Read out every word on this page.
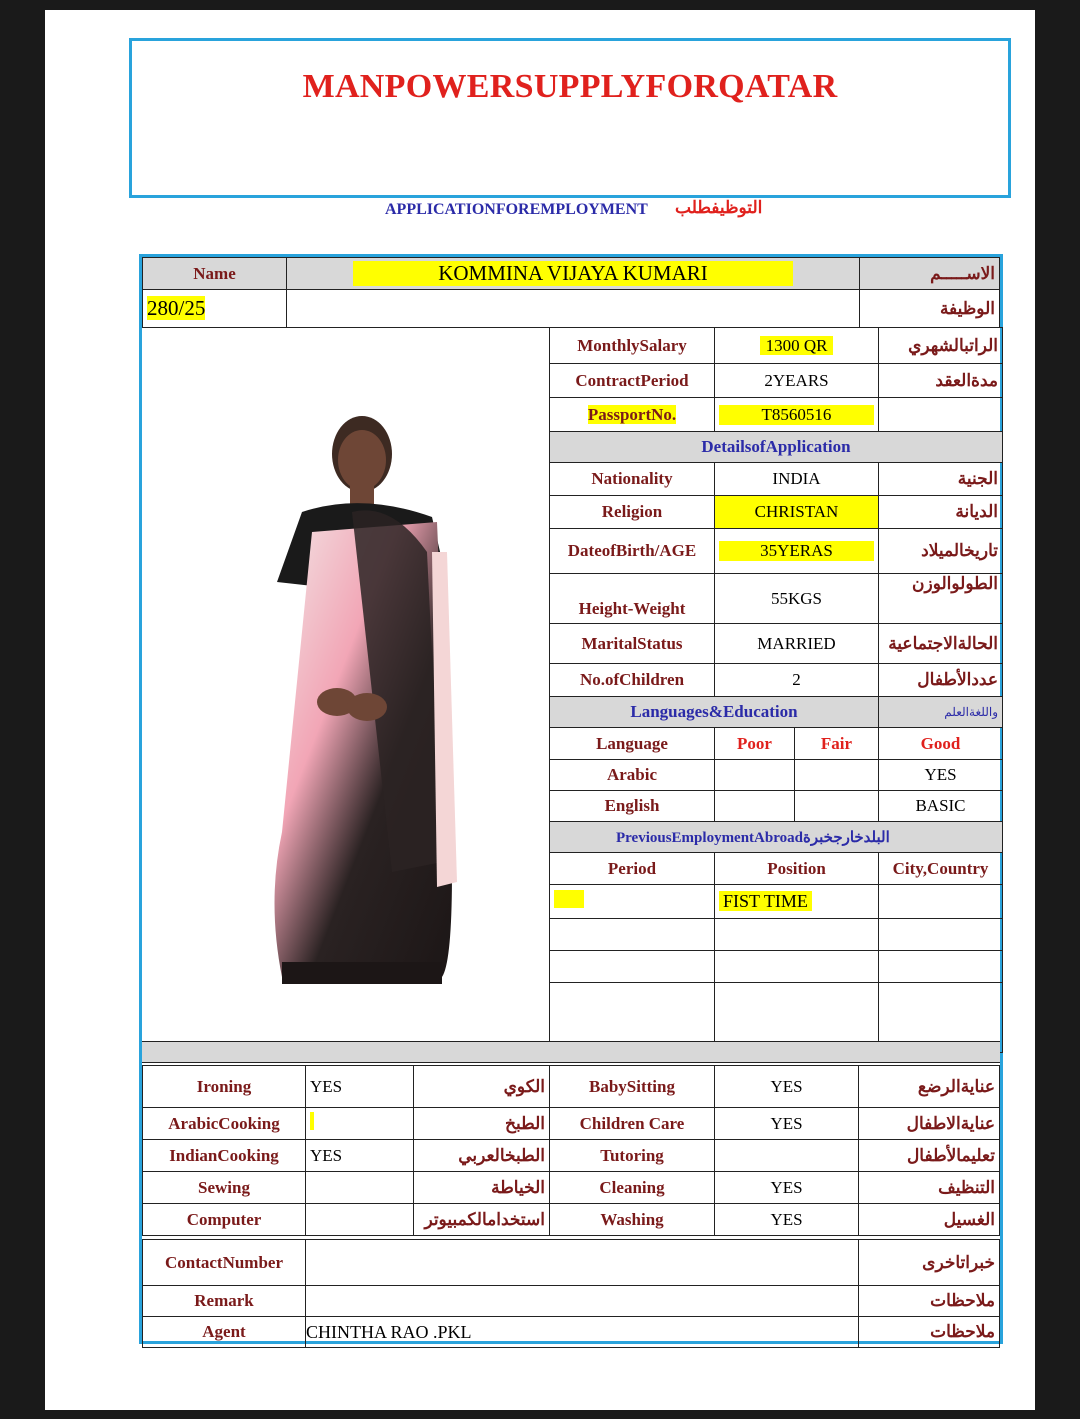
MANPOWERSUPPLYFORQATAR
APPLICATIONFOREMPLOYMENT التوظيفطلب
Name	KOMMINA VIJAYA KUMARI	الاســـــم
280/25		الوظيفة
MonthlySalary	1300 QR		الراتبالشهري
ContractPeriod	2YEARS		مدةالعقد
PassportNo.	T8560516		
DetailsofApplication			
Nationality	INDIA		الجنية
Religion	CHRISTAN		الديانة
DateofBirth/AGE	35YERAS		تاريخالميلاد
Height-Weight	55KGS		الطولوالوزن
MaritalStatus	MARRIED		الحالةالاجتماعية
No.ofChildren	2		عددالأطفال
Languages&Education			واللغةالعلم
Language	Poor	Fair	Good
Arabic			YES
English			BASIC
PreviousEmploymentAbroadالبلدخارجخبرة			
Period	Position		City,Country
	FIST TIME		

Ironing	YES	الكوي	BabySitting	YES	عنايةالرضع
ArabicCooking		الطبخ	Children Care	YES	عنايةالاطفال
IndianCooking	YES	الطبخالعربي	Tutoring		تعليمالأطفال
Sewing		الخياطة	Cleaning	YES	التنظيف
Computer		استخدامالكمبيوتر	Washing	YES	الغسيل
ContactNumber		خبراتاخرى
Remark		ملاحظات
Agent	CHINTHA RAO .PKL	ملاحظات
